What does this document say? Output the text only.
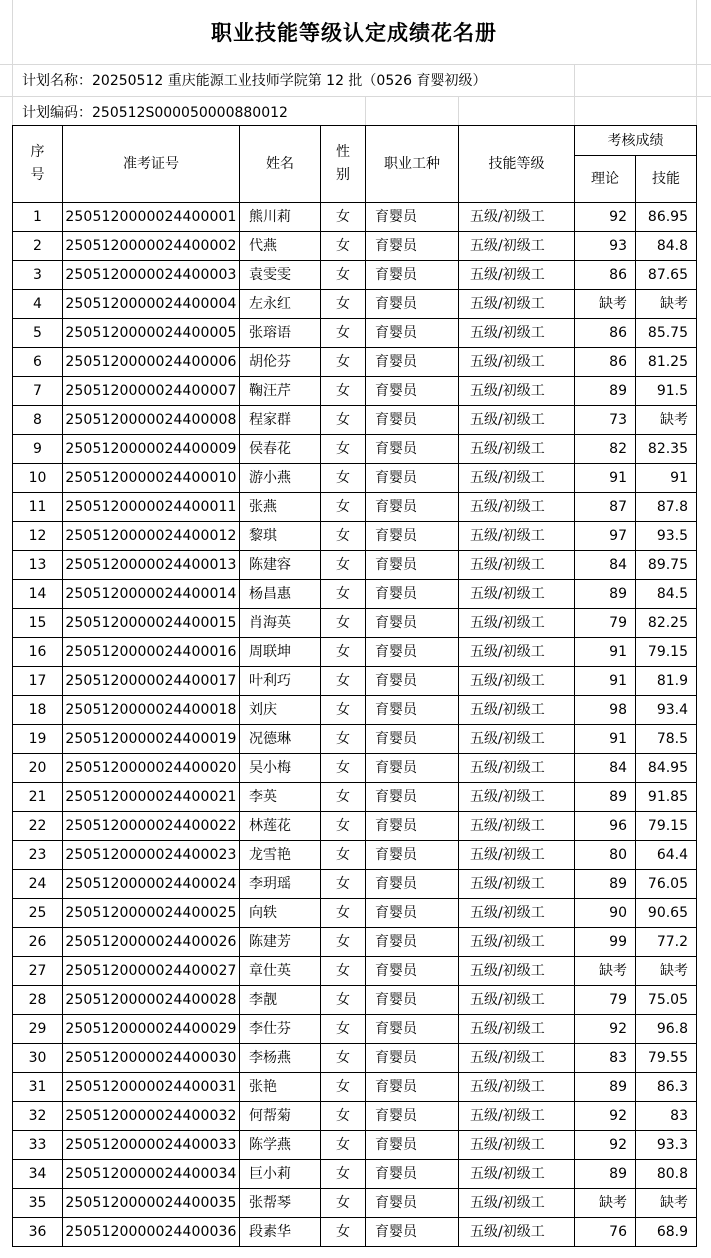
职业技能等级认定成绩花名册
计划名称：20250512 重庆能源工业技师学院第 12 批（0526 育婴初级）
计划编码：250512S000050000880012
序号	准考证号	姓名	性别	职业工种	技能等级	考核成绩	
						理论	技能
1	2505120000024400001	熊川莉	女	育婴员	五级/初级工	92	86.95
2	2505120000024400002	代燕	女	育婴员	五级/初级工	93	84.8
3	2505120000024400003	袁雯雯	女	育婴员	五级/初级工	86	87.65
4	2505120000024400004	左永红	女	育婴员	五级/初级工	缺考	缺考
5	2505120000024400005	张瑢语	女	育婴员	五级/初级工	86	85.75
6	2505120000024400006	胡伦芬	女	育婴员	五级/初级工	86	81.25
7	2505120000024400007	鞠汪芹	女	育婴员	五级/初级工	89	91.5
8	2505120000024400008	程家群	女	育婴员	五级/初级工	73	缺考
9	2505120000024400009	侯春花	女	育婴员	五级/初级工	82	82.35
10	2505120000024400010	游小燕	女	育婴员	五级/初级工	91	91
11	2505120000024400011	张燕	女	育婴员	五级/初级工	87	87.8
12	2505120000024400012	黎琪	女	育婴员	五级/初级工	97	93.5
13	2505120000024400013	陈建容	女	育婴员	五级/初级工	84	89.75
14	2505120000024400014	杨昌惠	女	育婴员	五级/初级工	89	84.5
15	2505120000024400015	肖海英	女	育婴员	五级/初级工	79	82.25
16	2505120000024400016	周联坤	女	育婴员	五级/初级工	91	79.15
17	2505120000024400017	叶利巧	女	育婴员	五级/初级工	91	81.9
18	2505120000024400018	刘庆	女	育婴员	五级/初级工	98	93.4
19	2505120000024400019	况德琳	女	育婴员	五级/初级工	91	78.5
20	2505120000024400020	吴小梅	女	育婴员	五级/初级工	84	84.95
21	2505120000024400021	李英	女	育婴员	五级/初级工	89	91.85
22	2505120000024400022	林莲花	女	育婴员	五级/初级工	96	79.15
23	2505120000024400023	龙雪艳	女	育婴员	五级/初级工	80	64.4
24	2505120000024400024	李玥瑶	女	育婴员	五级/初级工	89	76.05
25	2505120000024400025	向轶	女	育婴员	五级/初级工	90	90.65
26	2505120000024400026	陈建芳	女	育婴员	五级/初级工	99	77.2
27	2505120000024400027	章仕英	女	育婴员	五级/初级工	缺考	缺考
28	2505120000024400028	李靓	女	育婴员	五级/初级工	79	75.05
29	2505120000024400029	李仕芬	女	育婴员	五级/初级工	92	96.8
30	2505120000024400030	李杨燕	女	育婴员	五级/初级工	83	79.55
31	2505120000024400031	张艳	女	育婴员	五级/初级工	89	86.3
32	2505120000024400032	何帮菊	女	育婴员	五级/初级工	92	83
33	2505120000024400033	陈学燕	女	育婴员	五级/初级工	92	93.3
34	2505120000024400034	巨小莉	女	育婴员	五级/初级工	89	80.8
35	2505120000024400035	张帮琴	女	育婴员	五级/初级工	缺考	缺考
36	2505120000024400036	段素华	女	育婴员	五级/初级工	76	68.9
